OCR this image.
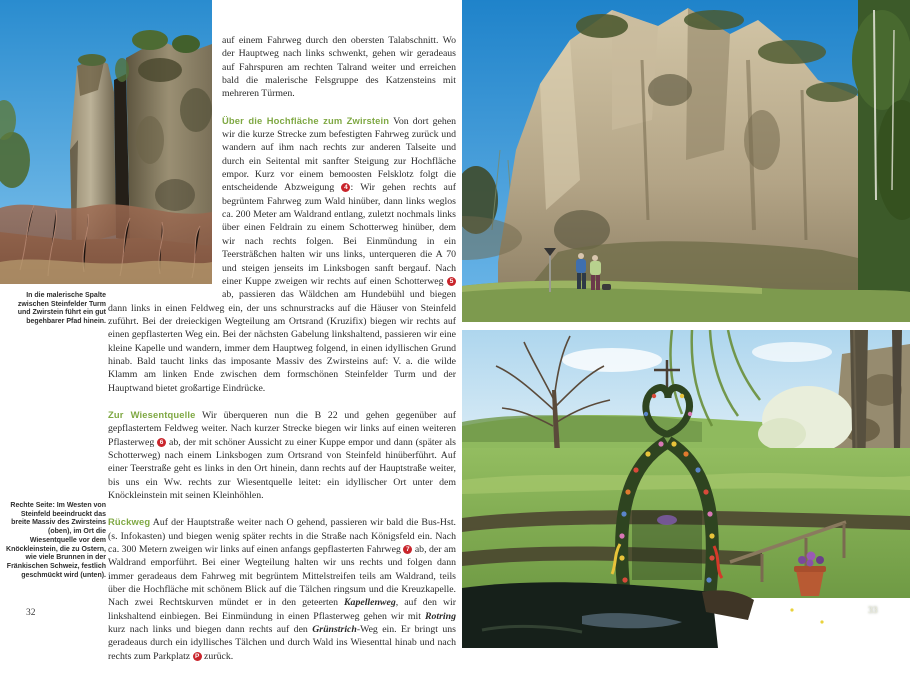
In die malerische Spalte zwischen Steinfelder Turm und Zwirstein führt ein gut begehbarer Pfad hinein.
Rechte Seite: Im Westen von Steinfeld beeindruckt das breite Massiv des Zwirsteins (oben), im Ort die Wiesentquelle vor dem Knöckleinstein, die zu Ostern, wie viele Brunnen in der Fränkischen Schweiz, festlich geschmückt wird (unten).

auf einem Fahrweg durch den obersten Talabschnitt. Wo der Hauptweg nach links schwenkt, gehen wir geradeaus auf Fahrspuren am rechten Talrand weiter und erreichen bald die malerische Felsgruppe des Katzensteins mit mehreren Türmen.

Über die Hochfläche zum Zwirstein Von dort gehen wir die kurze Strecke zum befestigten Fahrweg zurück und wandern auf ihm nach rechts zur anderen Talseite und durch ein Seitental mit sanfter Steigung zur Hochfläche empor. Kurz vor einem bemoosten Felsklotz folgt die entscheidende Abzweigung 4 : Wir gehen rechts auf begrüntem Fahrweg zum Wald hinüber, dann links weglos ca. 200 Meter am Waldrand entlang, zuletzt nochmals links über einen Feldrain zu einem Schotterweg hinüber, dem wir nach rechts folgen. Bei Einmündung in ein Teersträßchen halten wir uns links, unterqueren die A 70 und steigen jenseits im Linksbogen sanft bergauf. Nach einer Kuppe zweigen wir rechts auf einen Schotterweg 5 ab, passieren das Wäldchen am Hundebühl und biegen dann links in einen Feldweg ein, der uns schnurstracks auf die Häuser von Steinfeld zuführt. Bei der dreieckigen Wegteilung am Ortsrand (Kruzifix) biegen wir rechts auf einen gepflasterten Weg ein. Bei der nächsten Gabelung linkshaltend, passieren wir eine kleine Kapelle und wandern, immer dem Hauptweg folgend, in einen idyllischen Grund hinab. Bald taucht links das imposante Massiv des Zwirsteins auf: V. a. die wilde Klamm am linken Ende zwischen dem formschönen Steinfelder Turm und der Hauptwand bietet großartige Eindrücke.

Zur Wiesentquelle Wir überqueren nun die B 22 und gehen gegenüber auf gepflastertem Feldweg weiter. Nach kurzer Strecke biegen wir links auf einen weiteren Pflasterweg 6 ab, der mit schöner Aussicht zu einer Kuppe empor und dann (später als Schotterweg) nach einem Linksbogen zum Ortsrand von Steinfeld hinüberführt. Auf einer Teerstraße geht es links in den Ort hinein, dann rechts auf der Hauptstraße weiter, bis uns ein Ww. rechts zur Wiesentquelle leitet: ein idyllischer Ort unter dem Knöckleinstein mit seinen Kleinhöhlen.

Rückweg Auf der Hauptstraße weiter nach O gehend, passieren wir bald die Bus-Hst. (s. Infokasten) und biegen wenig später rechts in die Straße nach Königsfeld ein. Nach ca. 300 Metern zweigen wir links auf einen anfangs gepflasterten Fahrweg 7 ab, der am Waldrand emporführt. Bei einer Wegteilung halten wir uns rechts und folgen dann immer geradeaus dem Fahrweg mit begrüntem Mittelstreifen teils am Waldrand, teils über die Hochfläche mit schönem Blick auf die Tälchen ringsum und die Kreuzkapelle. Nach zwei Rechtskurven mündet er in den geteerten Kapellenweg, auf den wir linkshaltend einbiegen. Bei Einmündung in einen Pflasterweg gehen wir mit Rotring kurz nach links und biegen dann rechts auf den Grünstrich-Weg ein. Er bringt uns geradeaus durch ein idyllisches Tälchen und durch Wald ins Wiesenttal hinab und nach rechts zum Parkplatz P zurück.

32	33
